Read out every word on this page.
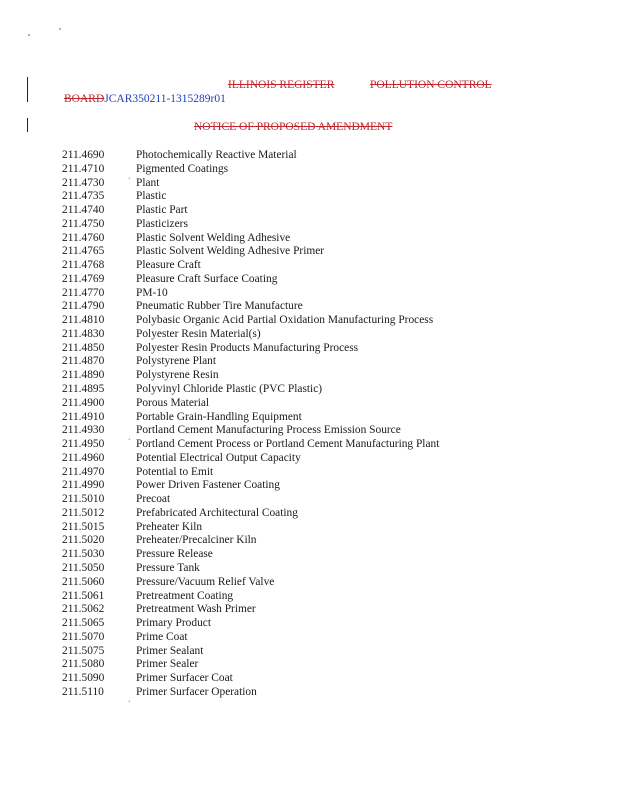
ILLINOIS REGISTER	POLLUTION CONTROL
BOARDJCAR350211-1315289r01
NOTICE OF PROPOSED AMENDMENT
211.4690	Photochemically Reactive Material
211.4710	Pigmented Coatings
ˎ
211.4730	Plant
211.4735	Plastic
211.4740	Plastic Part
211.4750	Plasticizers
211.4760	Plastic Solvent Welding Adhesive
211.4765	Plastic Solvent Welding Adhesive Primer
211.4768	Pleasure Craft
211.4769	Pleasure Craft Surface Coating
211.4770	PM-10
211.4790	Pneumatic Rubber Tire Manufacture
211.4810	Polybasic Organic Acid Partial Oxidation Manufacturing Process
211.4830	Polyester Resin Material(s)
211.4850	Polyester Resin Products Manufacturing Process
211.4870	Polystyrene Plant
211.4890	Polystyrene Resin
211.4895	Polyvinyl Chloride Plastic (PVC Plastic)
211.4900	Porous Material
211.4910	Portable Grain-Handling Equipment
211.4930	Portland Cement Manufacturing Process Emission Source
ˎ
211.4950	Portland Cement Process or Portland Cement Manufacturing Plant
211.4960	Potential Electrical Output Capacity
211.4970	Potential to Emit
211.4990	Power Driven Fastener Coating
211.5010	Precoat
211.5012	Prefabricated Architectural Coating
211.5015	Preheater Kiln
211.5020	Preheater/Precalciner Kiln
211.5030	Pressure Release
211.5050	Pressure Tank
211.5060	Pressure/Vacuum Relief Valve
211.5061	Pretreatment Coating
211.5062	Pretreatment Wash Primer
211.5065	Primary Product
211.5070	Prime Coat
211.5075	Primer Sealant
211.5080	Primer Sealer
211.5090	Primer Surfacer Coat
211.5110	Primer Surfacer Operation
ˎ
